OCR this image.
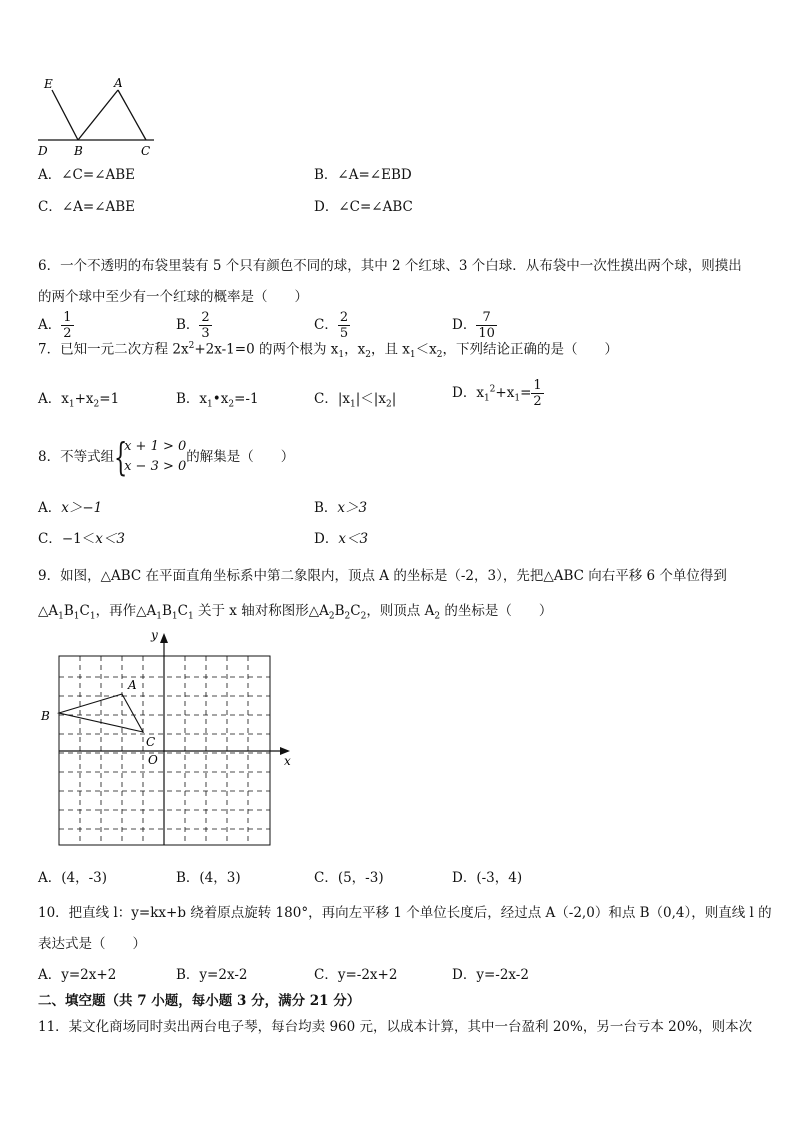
E	A
D B	C
A．∠C=∠ABE	B．∠A=∠EBD
C．∠A=∠ABE	D．∠C=∠ABC
6．一个不透明的布袋里装有 5 个只有颜色不同的球，其中 2 个红球、3 个白球．从布袋中一次性摸出两个球，则摸出
的两个球中至少有一个红球的概率是（　　）
A． $\frac{1}{2}$	B． $\frac{2}{3}$	C． $\frac{2}{5}$	D． $\frac{7}{10}$
7．已知一元二次方程 $2x^2+2x-1=0$ 的两个根为 $x_1$，$x_2$，且 $x_1<x_2$，下列结论正确的是（　　）
A．$x_1+x_2=1$	B．$x_1•x_2=-1$	C．$|x_1|<|x_2|$	D．$x_1^2+x_1= \frac{1}{2}$
8．不等式组 {
x + 1 > 0
x − 3 > 0
的解集是（　　）
A．x＞−1	B．x＞3
C．−1＜x＜3	D．x＜3
9．如图，△ABC 在平面直角坐标系中第二象限内，顶点 A 的坐标是（-2，3），先把△ABC 向右平移 6 个单位得到
$\triangle A_1B_1C_1$，再作$\triangle A_1B_1C_1$ 关于 x 轴对称图形$\triangle A_2B_2C_2$，则顶点 $A_2$ 的坐标是（　　）
y
x
A
B
C
O
A．(4，-3)	B．(4，3)	C．(5，-3)	D．(-3，4)
10．把直线 l：y=kx+b 绕着原点旋转 180°，再向左平移 1 个单位长度后，经过点 A（-2,0）和点 B（0,4），则直线 l 的
表达式是（　　）
A．y=2x+2	B．y=2x-2	C．y=-2x+2	D．y=-2x-2
二、填空题（共 7 小题，每小题 3 分，满分 21 分）
11．某文化商场同时卖出两台电子琴，每台均卖 960 元，以成本计算，其中一台盈利 20%，另一台亏本 20%，则本次
